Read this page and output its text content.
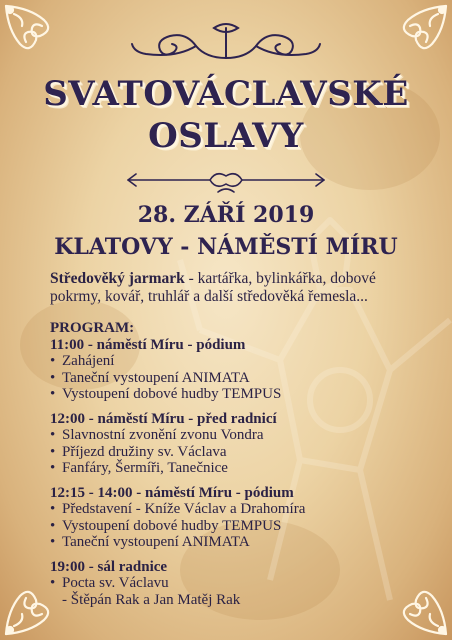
SVATOVÁCLAVSKÉ
OSLAVY
28. ZÁŘÍ 2019
KLATOVY - NÁMĚSTÍ MÍRU
Středověký jarmark - kartářka, bylinkářka, dobové
pokrmy, kovář, truhlář a další středověká řemesla...
PROGRAM:
11:00 - náměstí Míru - pódium
• Zahájení
• Taneční vystoupení ANIMATA
• Vystoupení dobové hudby TEMPUS
12:00 - náměstí Míru - před radnicí
• Slavnostní zvonění zvonu Vondra
• Příjezd družiny sv. Václava
• Fanfáry, Šermíři, Tanečnice
12:15 - 14:00 - náměstí Míru - pódium
• Představení - Kníže Václav a Drahomíra
• Vystoupení dobové hudby TEMPUS
• Taneční vystoupení ANIMATA
19:00 - sál radnice
• Pocta sv. Václavu
- Štěpán Rak a Jan Matěj Rak
